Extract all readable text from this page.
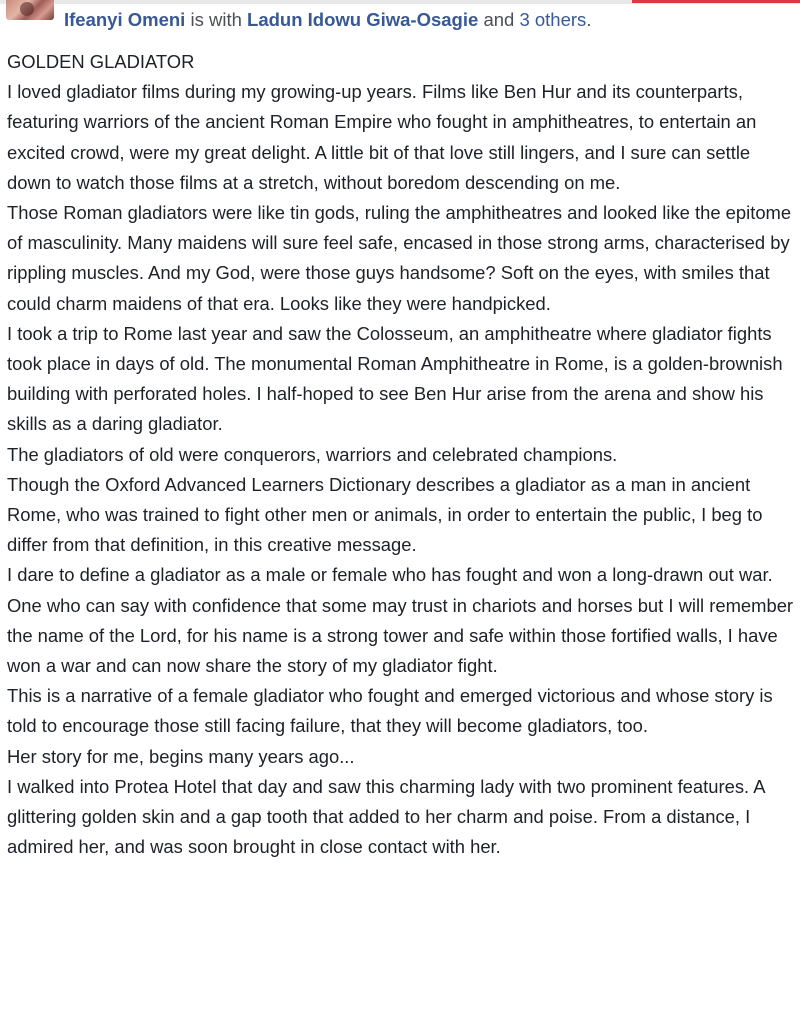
Ifeanyi Omeni is with Ladun Idowu Giwa-Osagie and 3 others.

GOLDEN GLADIATOR

I loved gladiator films during my growing-up years. Films like Ben Hur and its counterparts, featuring warriors of the ancient Roman Empire who fought in amphitheatres, to entertain an excited crowd, were my great delight. A little bit of that love still lingers, and I sure can settle down to watch those films at a stretch, without boredom descending on me.

Those Roman gladiators were like tin gods, ruling the amphitheatres and looked like the epitome of masculinity. Many maidens will sure feel safe, encased in those strong arms, characterised by rippling muscles. And my God, were those guys handsome? Soft on the eyes, with smiles that could charm maidens of that era. Looks like they were handpicked.

I took a trip to Rome last year and saw the Colosseum, an amphitheatre where gladiator fights took place in days of old. The monumental Roman Amphitheatre in Rome, is a golden-brownish building with perforated holes. I half-hoped to see Ben Hur arise from the arena and show his skills as a daring gladiator.

The gladiators of old were conquerors, warriors and celebrated champions.

Though the Oxford Advanced Learners Dictionary describes a gladiator as a man in ancient Rome, who was trained to fight other men or animals, in order to entertain the public, I beg to differ from that definition, in this creative message.

I dare to define a gladiator as a male or female who has fought and won a long-drawn out war. One who can say with confidence that some may trust in chariots and horses but I will remember the name of the Lord, for his name is a strong tower and safe within those fortified walls, I have won a war and can now share the story of my gladiator fight.

This is a narrative of a female gladiator who fought and emerged victorious and whose story is told to encourage those still facing failure, that they will become gladiators, too.

Her story for me, begins many years ago...

I walked into Protea Hotel that day and saw this charming lady with two prominent features. A glittering golden skin and a gap tooth that added to her charm and poise. From a distance, I admired her, and was soon brought in close contact with her.
